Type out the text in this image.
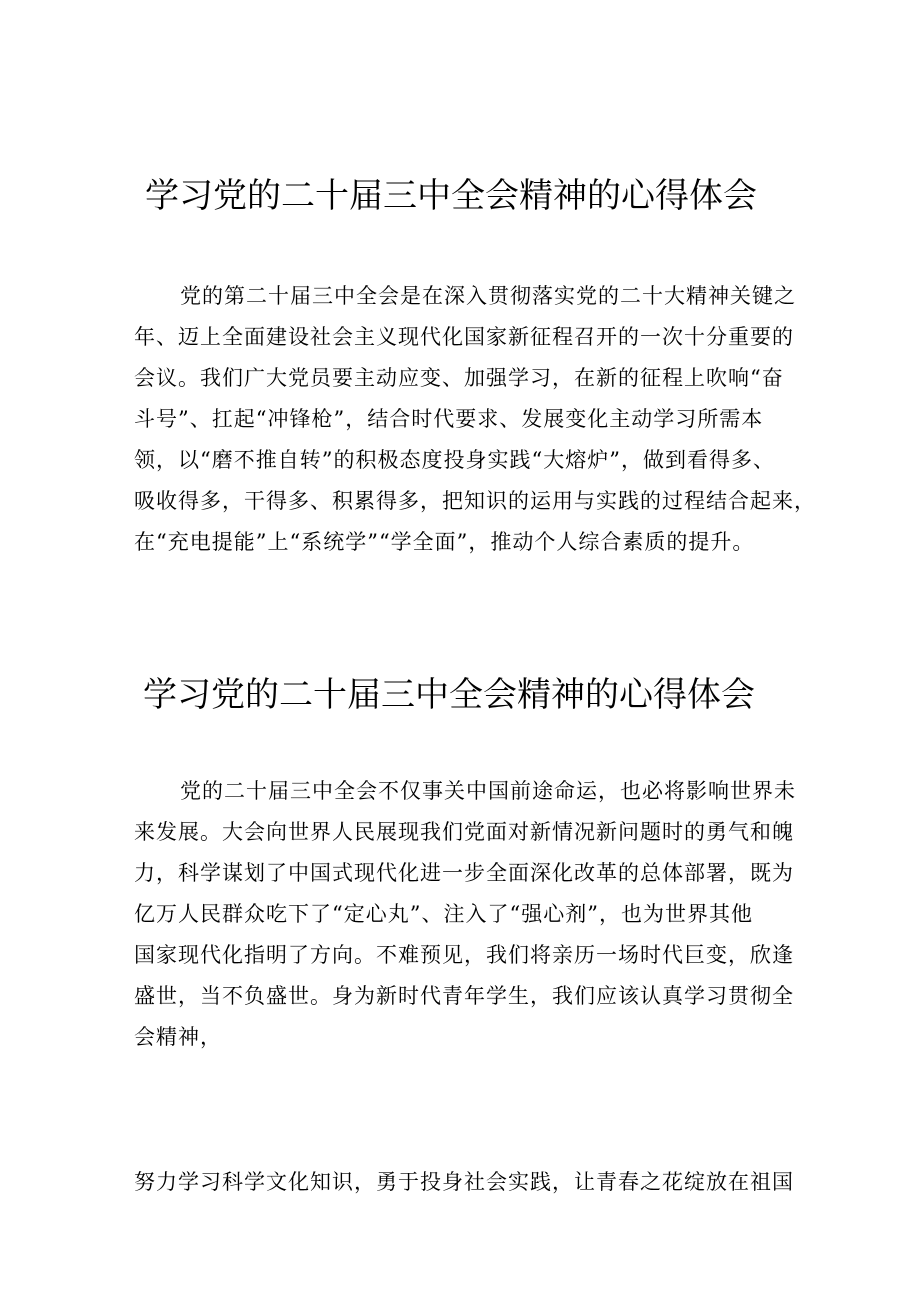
学习党的二十届三中全会精神的心得体会
党的第二十届三中全会是在深入贯彻落实党的二十大精神关键之
年、迈上全面建设社会主义现代化国家新征程召开的一次十分重要的
会议。我们广大党员要主动应变、加强学习，在新的征程上吹响“奋
斗号”、扛起“冲锋枪”，结合时代要求、发展变化主动学习所需本
领，以“磨不推自转”的积极态度投身实践“大熔炉”，做到看得多、
吸收得多，干得多、积累得多，把知识的运用与实践的过程结合起来，
在“充电提能”上“系统学”“学全面”，推动个人综合素质的提升。
学习党的二十届三中全会精神的心得体会
党的二十届三中全会不仅事关中国前途命运，也必将影响世界未
来发展。大会向世界人民展现我们党面对新情况新问题时的勇气和魄
力，科学谋划了中国式现代化进一步全面深化改革的总体部署，既为
亿万人民群众吃下了“定心丸”、注入了“强心剂”，也为世界其他
国家现代化指明了方向。不难预见，我们将亲历一场时代巨变，欣逢
盛世，当不负盛世。身为新时代青年学生，我们应该认真学习贯彻全
会精神，
努力学习科学文化知识，勇于投身社会实践，让青春之花绽放在祖国
